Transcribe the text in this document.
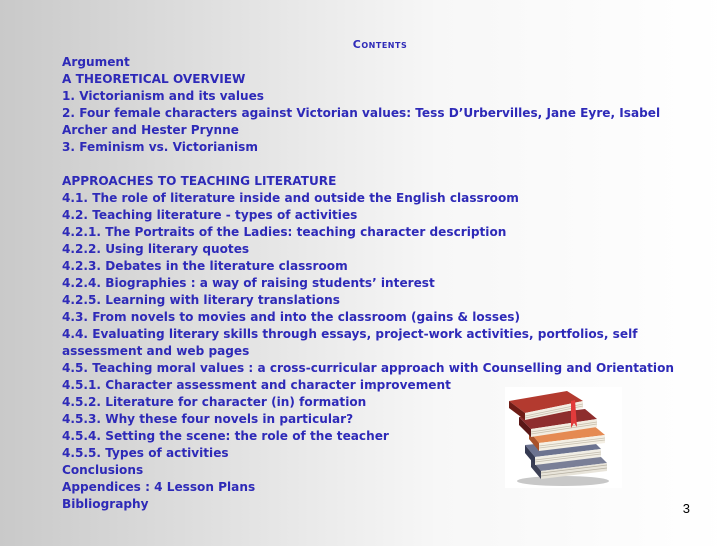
Contents
Argument
A THEORETICAL OVERVIEW
1. Victorianism and its values
2. Four female characters against Victorian values: Tess D’Urbervilles, Jane Eyre, Isabel
Archer and Hester Prynne
3. Feminism vs. Victorianism
APPROACHES TO TEACHING LITERATURE
4.1. The role of literature inside and outside the English classroom
4.2. Teaching literature - types of activities
4.2.1. The Portraits of the Ladies: teaching character description
4.2.2. Using literary quotes
4.2.3. Debates in the literature classroom
4.2.4. Biographies : a way of raising students’ interest
4.2.5. Learning with literary translations
4.3. From novels to movies and into the classroom (gains & losses)
4.4. Evaluating literary skills through essays, project-work activities, portfolios, self
assessment and web pages
4.5. Teaching moral values : a cross-curricular approach with Counselling and Orientation
4.5.1. Character assessment and character improvement
4.5.2. Literature for character (in) formation
4.5.3. Why these four novels in particular?
4.5.4. Setting the scene: the role of the teacher
4.5.5. Types of activities
Conclusions
Appendices : 4 Lesson Plans
Bibliography	3
